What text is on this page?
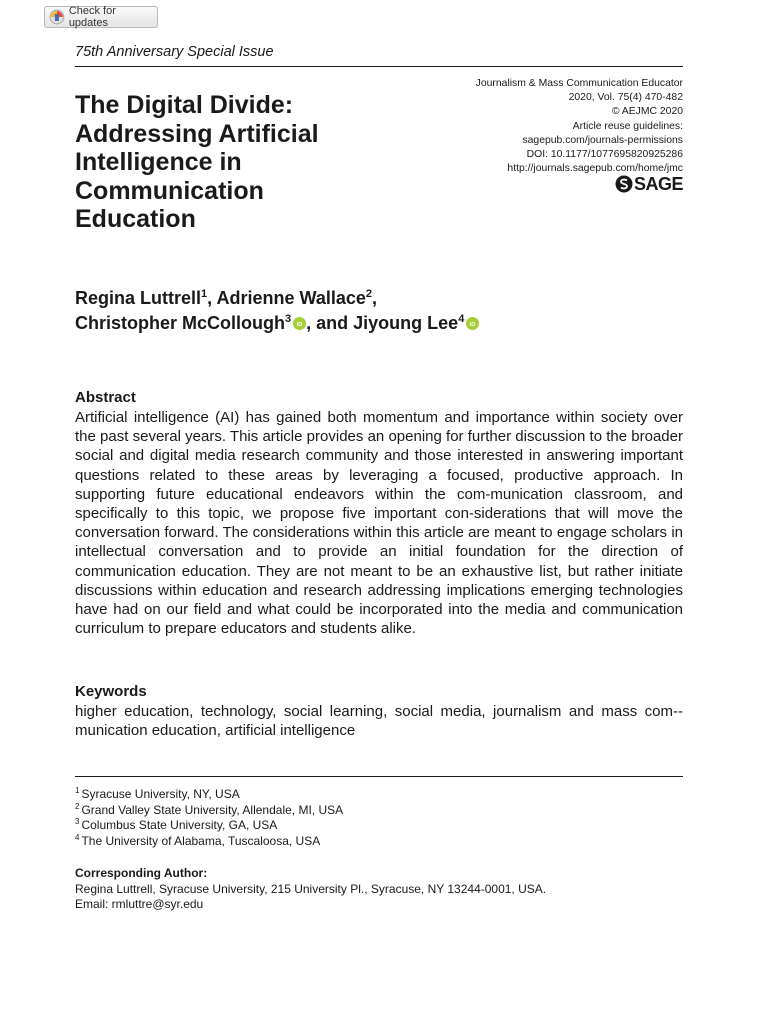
Check for updates
75th Anniversary Special Issue
Journalism & Mass Communication Educator
2020, Vol. 75(4) 470-482
© AEJMC 2020
Article reuse guidelines:
sagepub.com/journals-permissions
DOI: 10.1177/1077695820925286
http://journals.sagepub.com/home/jmc
SAGE
The Digital Divide:
Addressing Artificial
Intelligence in
Communication
Education
Regina Luttrell$^1$, Adrienne Wallace$^2$,
Christopher McCollough$^3$ iD , and Jiyoung Lee$^4$ iD
Abstract

Artificial intelligence (AI) has gained both momentum and importance within society over the past several years. This article provides an opening for further discussion to the broader social and digital media research community and those interested in answering important questions related to these areas by leveraging a focused, productive approach. In supporting future educational endeavors within the com-munication classroom, and specifically to this topic, we propose five important con-siderations that will move the conversation forward. The considerations within this article are meant to engage scholars in intellectual conversation and to provide an initial foundation for the direction of communication education. They are not meant to be an exhaustive list, but rather initiate discussions within education and research addressing implications emerging technologies have had on our field and what could be incorporated into the media and communication curriculum to prepare educators and students alike.

Keywords

higher education, technology, social learning, social media, journalism and mass com-munication education, artificial intelligence

$^1$ Syracuse University, NY, USA
$^2$ Grand Valley State University, Allendale, MI, USA
$^3$ Columbus State University, GA, USA
$^4$ The University of Alabama, Tuscaloosa, USA
Corresponding Author:
Regina Luttrell, Syracuse University, 215 University Pl., Syracuse, NY 13244-0001, USA.
Email: rmluttre@syr.edu
